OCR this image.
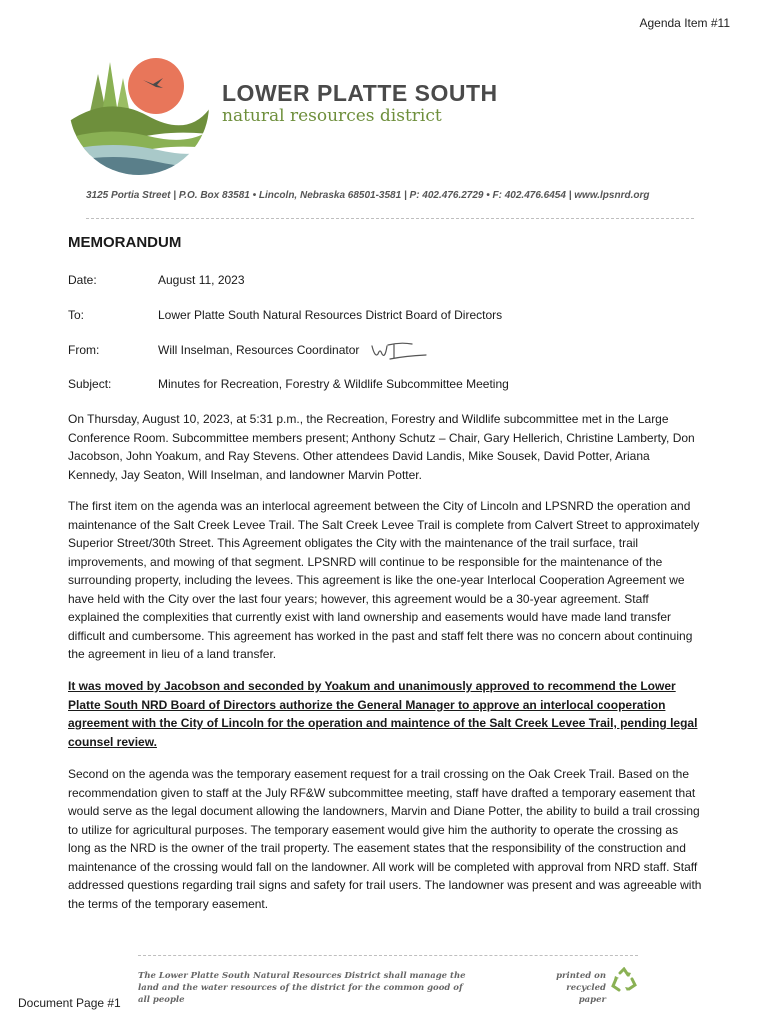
Agenda Item #11
LOWER PLATTE SOUTH
natural resources district
3125 Portia Street | P.O. Box 83581 • Lincoln, Nebraska 68501-3581 | P: 402.476.2729 • F: 402.476.6454 | www.lpsnrd.org
MEMORANDUM
Date:	August 11, 2023
To:	Lower Platte South Natural Resources District Board of Directors
From:	Will Inselman, Resources Coordinator
Subject:	Minutes for Recreation, Forestry & Wildlife Subcommittee Meeting

On Thursday, August 10, 2023, at 5:31 p.m., the Recreation, Forestry and Wildlife subcommittee met in the Large Conference Room. Subcommittee members present; Anthony Schutz – Chair, Gary Hellerich, Christine Lamberty, Don Jacobson, John Yoakum, and Ray Stevens. Other attendees David Landis, Mike Sousek, David Potter, Ariana Kennedy, Jay Seaton, Will Inselman, and landowner Marvin Potter.

The first item on the agenda was an interlocal agreement between the City of Lincoln and LPSNRD the operation and maintenance of the Salt Creek Levee Trail. The Salt Creek Levee Trail is complete from Calvert Street to approximately Superior Street/30th Street. This Agreement obligates the City with the maintenance of the trail surface, trail improvements, and mowing of that segment. LPSNRD will continue to be responsible for the maintenance of the surrounding property, including the levees. This agreement is like the one-year Interlocal Cooperation Agreement we have held with the City over the last four years; however, this agreement would be a 30-year agreement. Staff explained the complexities that currently exist with land ownership and easements would have made land transfer difficult and cumbersome. This agreement has worked in the past and staff felt there was no concern about continuing the agreement in lieu of a land transfer.

It was moved by Jacobson and seconded by Yoakum and unanimously approved to recommend the Lower Platte South NRD Board of Directors authorize the General Manager to approve an interlocal cooperation agreement with the City of Lincoln for the operation and maintence of the Salt Creek Levee Trail, pending legal counsel review.

Second on the agenda was the temporary easement request for a trail crossing on the Oak Creek Trail. Based on the recommendation given to staff at the July RF&W subcommittee meeting, staff have drafted a temporary easement that would serve as the legal document allowing the landowners, Marvin and Diane Potter, the ability to build a trail crossing to utilize for agricultural purposes. The temporary easement would give him the authority to operate the crossing as long as the NRD is the owner of the trail property. The easement states that the responsibility of the construction and maintenance of the crossing would fall on the landowner. All work will be completed with approval from NRD staff. Staff addressed questions regarding trail signs and safety for trail users. The landowner was present and was agreeable with the terms of the temporary easement.

The Lower Platte South Natural Resources District shall manage the land and the water resources of the district for the common good of all people
printed on recycled paper
Document Page #1
